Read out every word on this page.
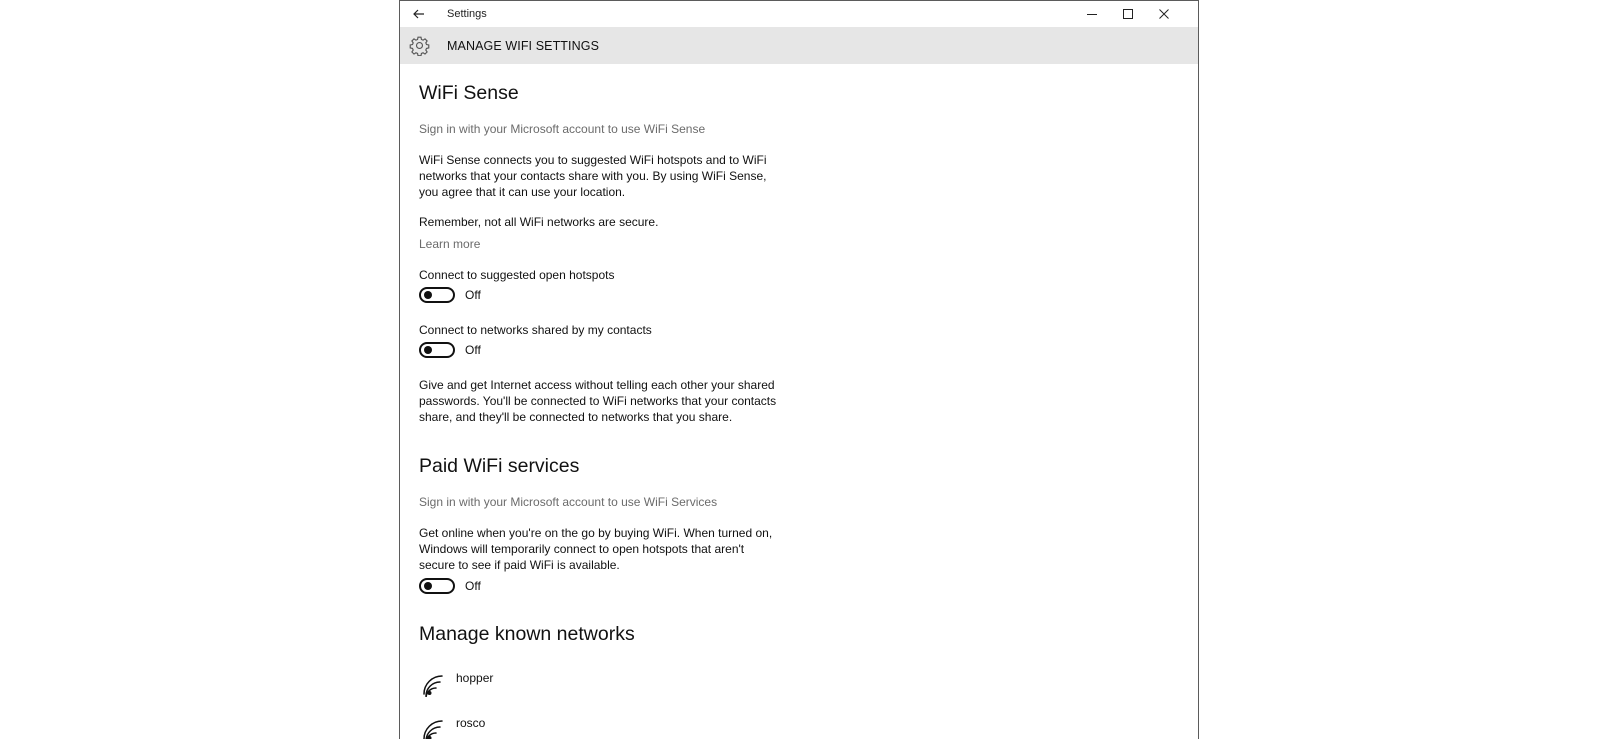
Settings
MANAGE WIFI SETTINGS
WiFi Sense
Sign in with your Microsoft account to use WiFi Sense
WiFi Sense connects you to suggested WiFi hotspots and to WiFi networks that your contacts share with you. By using WiFi Sense, you agree that it can use your location.
Remember, not all WiFi networks are secure.
Learn more
Connect to suggested open hotspots
Off
Connect to networks shared by my contacts
Off
Give and get Internet access without telling each other your shared passwords. You'll be connected to WiFi networks that your contacts share, and they'll be connected to networks that you share.
Paid WiFi services
Sign in with your Microsoft account to use WiFi Services
Get online when you're on the go by buying WiFi. When turned on, Windows will temporarily connect to open hotspots that aren't secure to see if paid WiFi is available.
Off
Manage known networks
hopper
rosco
